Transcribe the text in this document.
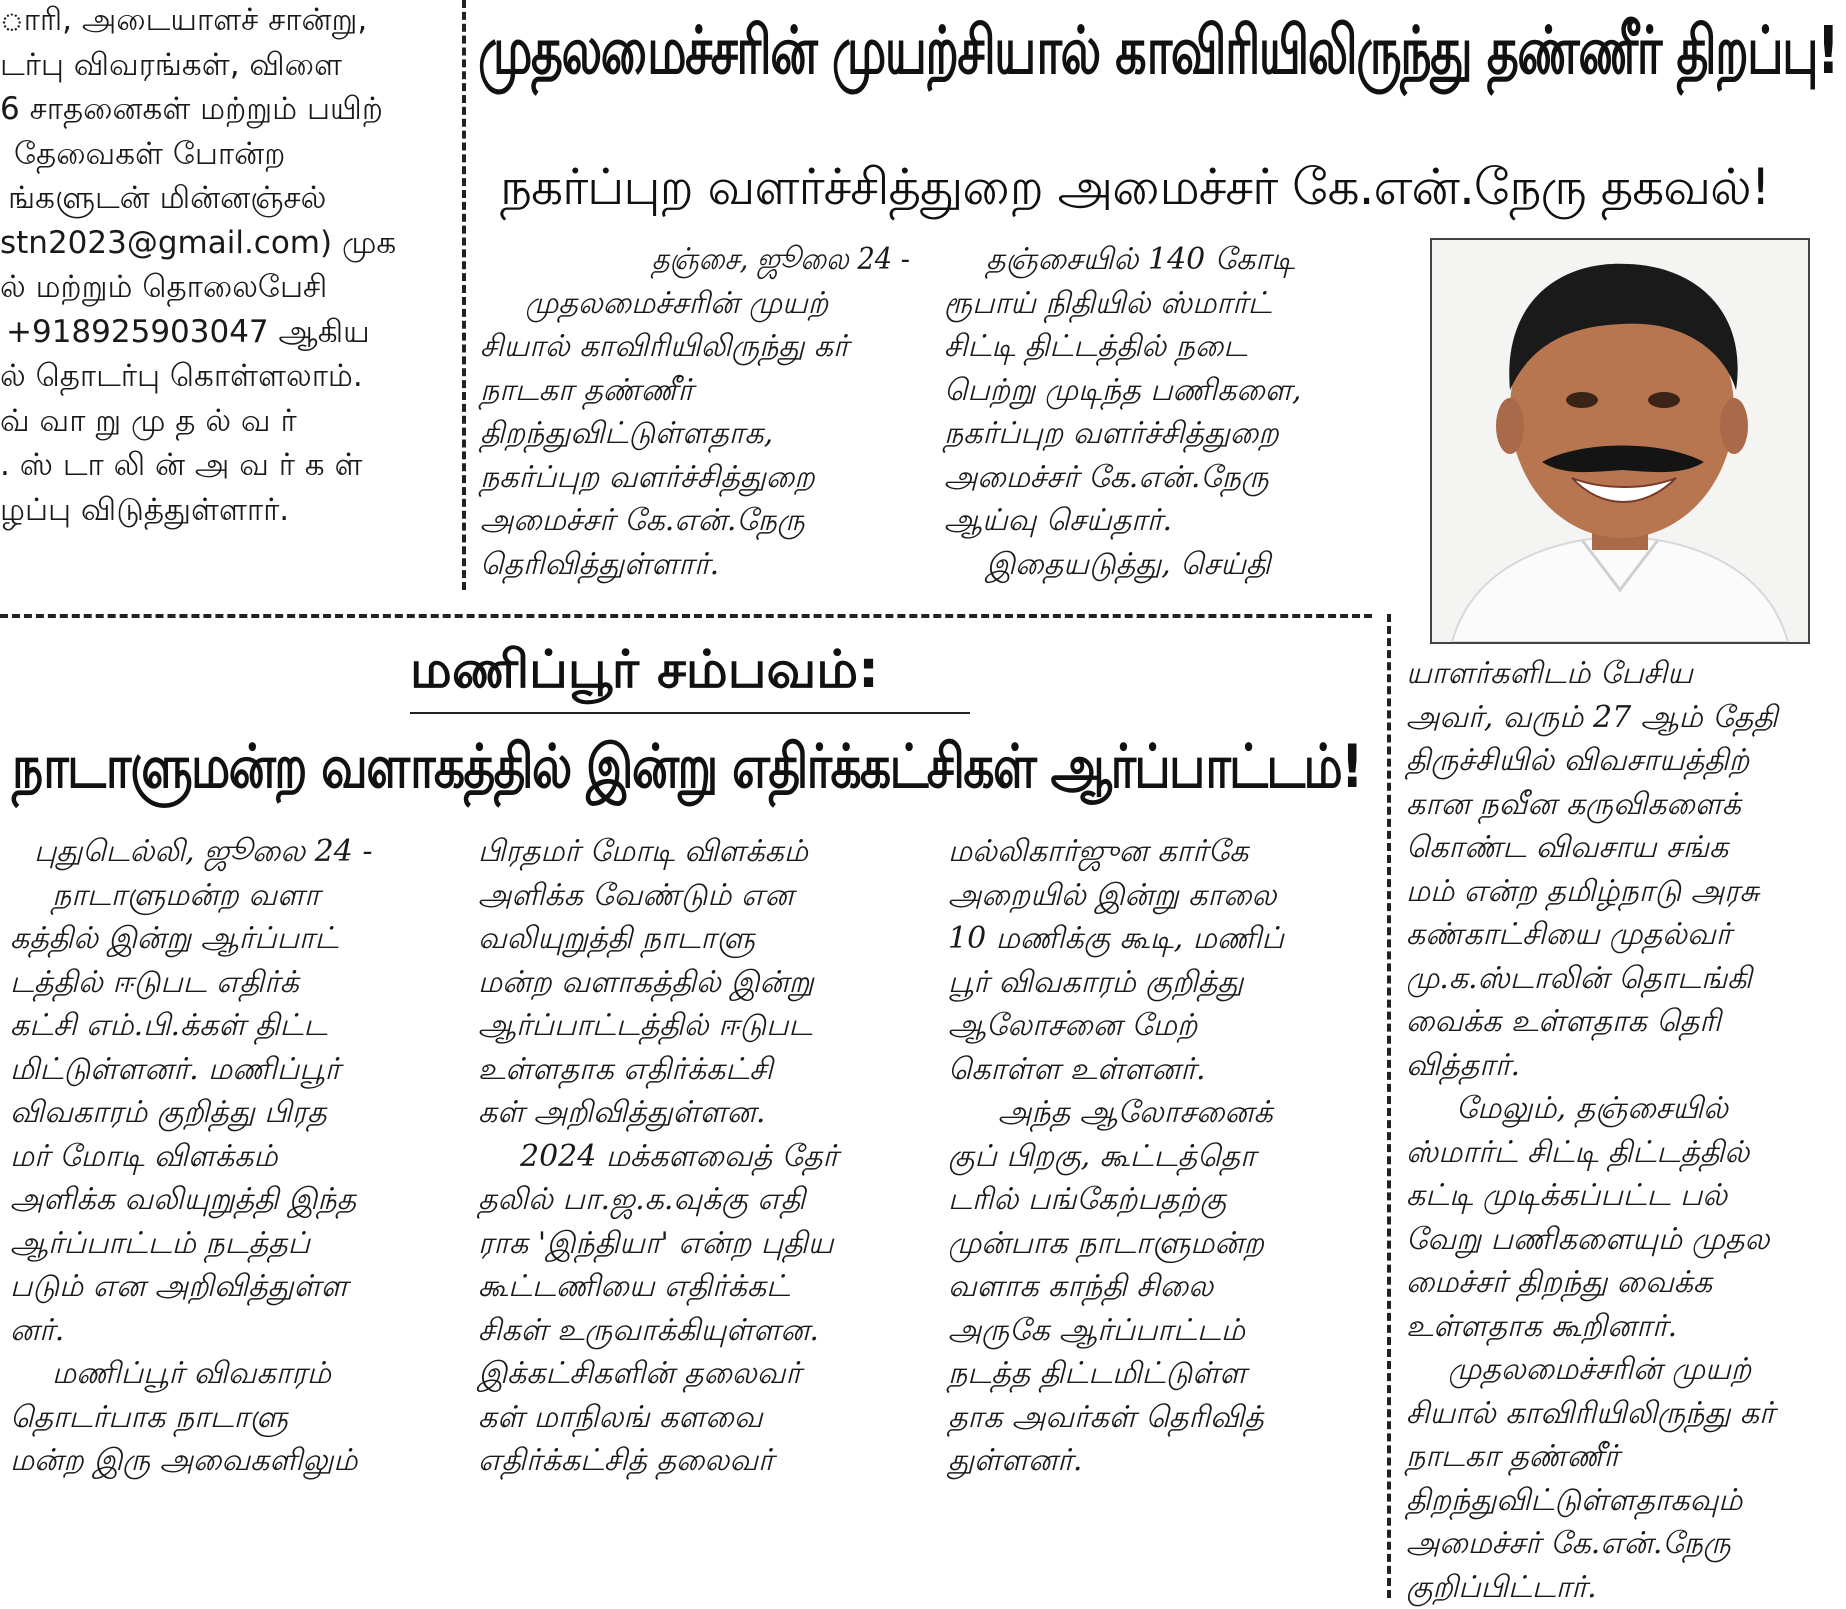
ாரி, அடையாளச் சான்று,

டர்பு விவரங்கள், விளை

6 சாதனைகள் மற்றும் பயிற்

தேவைகள் போன்ற

ங்களுடன் மின்னஞ்சல்

stn2023@gmail.com) முக

ல் மற்றும் தொலைபேசி

+918925903047 ஆகிய

ல் தொடர்பு கொள்ளலாம்.

வ் வா று மு த ல் வ ர்

. ஸ் டா லி ன் அ வ ர் க ள்

ழப்பு விடுத்துள்ளார்.

முதலமைச்சரின் முயற்சியால் காவிரியிலிருந்து தண்ணீர் திறப்பு!
நகர்ப்புற வளர்ச்சித்துறை அமைச்சர் கே.என்.நேரு தகவல்!

தஞ்சை, ஜூலை 24 -

முதலமைச்சரின் முயற்

சியால் காவிரியிலிருந்து கர்

நாடகா தண்ணீர்

திறந்துவிட்டுள்ளதாக,

நகர்ப்புற வளர்ச்சித்துறை

அமைச்சர் கே.என்.நேரு

தெரிவித்துள்ளார்.

தஞ்சையில் 140 கோடி

ரூபாய் நிதியில் ஸ்மார்ட்

சிட்டி திட்டத்தில் நடை

பெற்று முடிந்த பணிகளை,

நகர்ப்புற வளர்ச்சித்துறை

அமைச்சர் கே.என்.நேரு

ஆய்வு செய்தார்.

இதையடுத்து, செய்தி

யாளர்களிடம் பேசிய

அவர், வரும் 27 ஆம் தேதி

திருச்சியில் விவசாயத்திற்

கான நவீன கருவிகளைக்

கொண்ட விவசாய சங்க

மம் என்ற தமிழ்நாடு அரசு

கண்காட்சியை முதல்வர்

மு.க.ஸ்டாலின் தொடங்கி

வைக்க உள்ளதாக தெரி

வித்தார்.

மேலும், தஞ்சையில்

ஸ்மார்ட் சிட்டி திட்டத்தில்

கட்டி முடிக்கப்பட்ட பல்

வேறு பணிகளையும் முதல

மைச்சர் திறந்து வைக்க

உள்ளதாக கூறினார்.

முதலமைச்சரின் முயற்

சியால் காவிரியிலிருந்து கர்

நாடகா தண்ணீர்

திறந்துவிட்டுள்ளதாகவும்

அமைச்சர் கே.என்.நேரு

குறிப்பிட்டார்.

மணிப்பூர் சம்பவம்:
நாடாளுமன்ற வளாகத்தில் இன்று எதிர்க்கட்சிகள் ஆர்ப்பாட்டம்!

புதுடெல்லி, ஜூலை 24 -

நாடாளுமன்ற வளா

கத்தில் இன்று ஆர்ப்பாட்

டத்தில் ஈடுபட எதிர்க்

கட்சி எம்.பி.க்கள் திட்ட

மிட்டுள்ளனர். மணிப்பூர்

விவகாரம் குறித்து பிரத

மர் மோடி விளக்கம்

அளிக்க வலியுறுத்தி இந்த

ஆர்ப்பாட்டம் நடத்தப்

படும் என அறிவித்துள்ள

னர்.

மணிப்பூர் விவகாரம்

தொடர்பாக நாடாளு

மன்ற இரு அவைகளிலும்

பிரதமர் மோடி விளக்கம்

அளிக்க வேண்டும் என

வலியுறுத்தி நாடாளு

மன்ற வளாகத்தில் இன்று

ஆர்ப்பாட்டத்தில் ஈடுபட

உள்ளதாக எதிர்க்கட்சி

கள் அறிவித்துள்ளன.

2024 மக்களவைத் தேர்

தலில் பா.ஜ.க.வுக்கு எதி

ராக 'இந்தியா' என்ற புதிய

கூட்டணியை எதிர்க்கட்

சிகள் உருவாக்கியுள்ளன.

இக்கட்சிகளின் தலைவர்

கள் மாநிலங் களவை

எதிர்க்கட்சித் தலைவர்

மல்லிகார்ஜுன கார்கே

அறையில் இன்று காலை

10 மணிக்கு கூடி, மணிப்

பூர் விவகாரம் குறித்து

ஆலோசனை மேற்

கொள்ள உள்ளனர்.

அந்த ஆலோசனைக்

குப் பிறகு, கூட்டத்தொ

டரில் பங்கேற்பதற்கு

முன்பாக நாடாளுமன்ற

வளாக காந்தி சிலை

அருகே ஆர்ப்பாட்டம்

நடத்த திட்டமிட்டுள்ள

தாக அவர்கள் தெரிவித்

துள்ளனர்.
